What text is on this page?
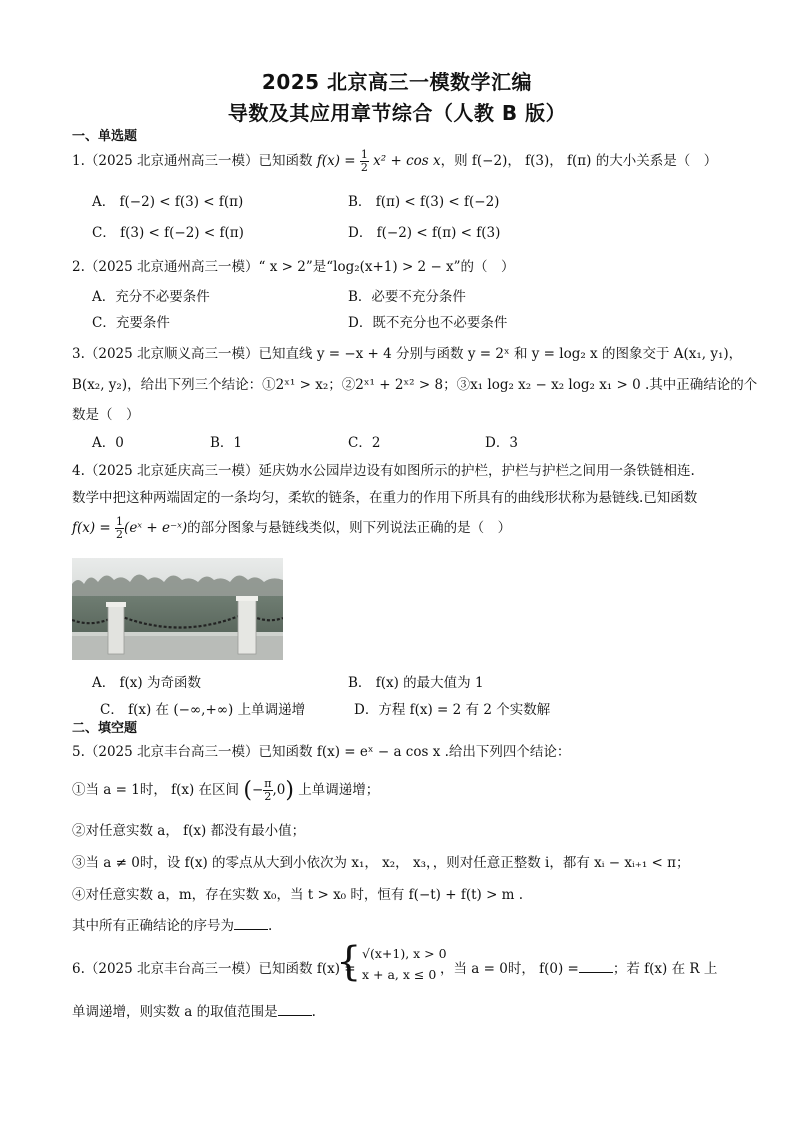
2025 北京高三一模数学汇编
导数及其应用章节综合（人教 B 版）
一、单选题
1.（2025 北京通州高三一模）已知函数 $f(x) = \frac{1}{2} x^2 + \cos x$，则 f(−2)， f(3)， f(π) 的大小关系是（　）
A． f(−2) < f(3) < f(π)	B． f(π) < f(3) < f(−2)
C． f(3) < f(−2) < f(π)	D． f(−2) < f(π) < f(3)
2.（2025 北京通州高三一模）“ x > 2”是“log₂(x+1) > 2 − x”的（　）
A．充分不必要条件	B．必要不充分条件
C．充要条件	D．既不充分也不必要条件
3.（2025 北京顺义高三一模）已知直线 y = −x + 4 分别与函数 y = 2ˣ 和 y = log₂ x 的图象交于 A(x₁, y₁)，
B(x₂, y₂)，给出下列三个结论：①2ˣ¹ > x₂；②2ˣ¹ + 2ˣ² > 8；③x₁ log₂ x₂ − x₂ log₂ x₁ > 0 .其中正确结论的个
数是（　）
A．0	B．1	C．2	D．3
4.（2025 北京延庆高三一模）延庆妫水公园岸边设有如图所示的护栏，护栏与护栏之间用一条铁链相连.
数学中把这种两端固定的一条均匀，柔软的链条，在重力的作用下所具有的曲线形状称为悬链线.已知函数
$f(x) = \frac{1}{2}$ (eˣ + e⁻ˣ)的部分图象与悬链线类似，则下列说法正确的是（　）
A． f(x) 为奇函数	B． f(x) 的最大值为 1
C． f(x) 在 (−∞,+∞) 上单调递增	D．方程 f(x) = 2 有 2 个实数解
二、填空题
5.（2025 北京丰台高三一模）已知函数 f(x) = eˣ − a cos x .给出下列四个结论：
①当 a = 1时， f(x) 在区间 (− $\frac{\pi}{2} ,0$) 上单调递增；
②对任意实数 a， f(x) 都没有最小值；
③当 a ≠ 0时，设 f(x) 的零点从大到小依次为 x₁， x₂， x₃，，则对任意正整数 i，都有 xᵢ − xᵢ₊₁ < π；
④对任意实数 a，m，存在实数 x₀，当 t > x₀ 时，恒有 f(−t) + f(t) > m .
其中所有正确结论的序号为	.
6.（2025 北京丰台高三一模）已知函数 f(x) =
{ √(x+1), x > 0
x + a, x ≤ 0 ，当 a = 0时， f(0) =	；若 f(x) 在 R 上
单调递增，则实数 a 的取值范围是	.
